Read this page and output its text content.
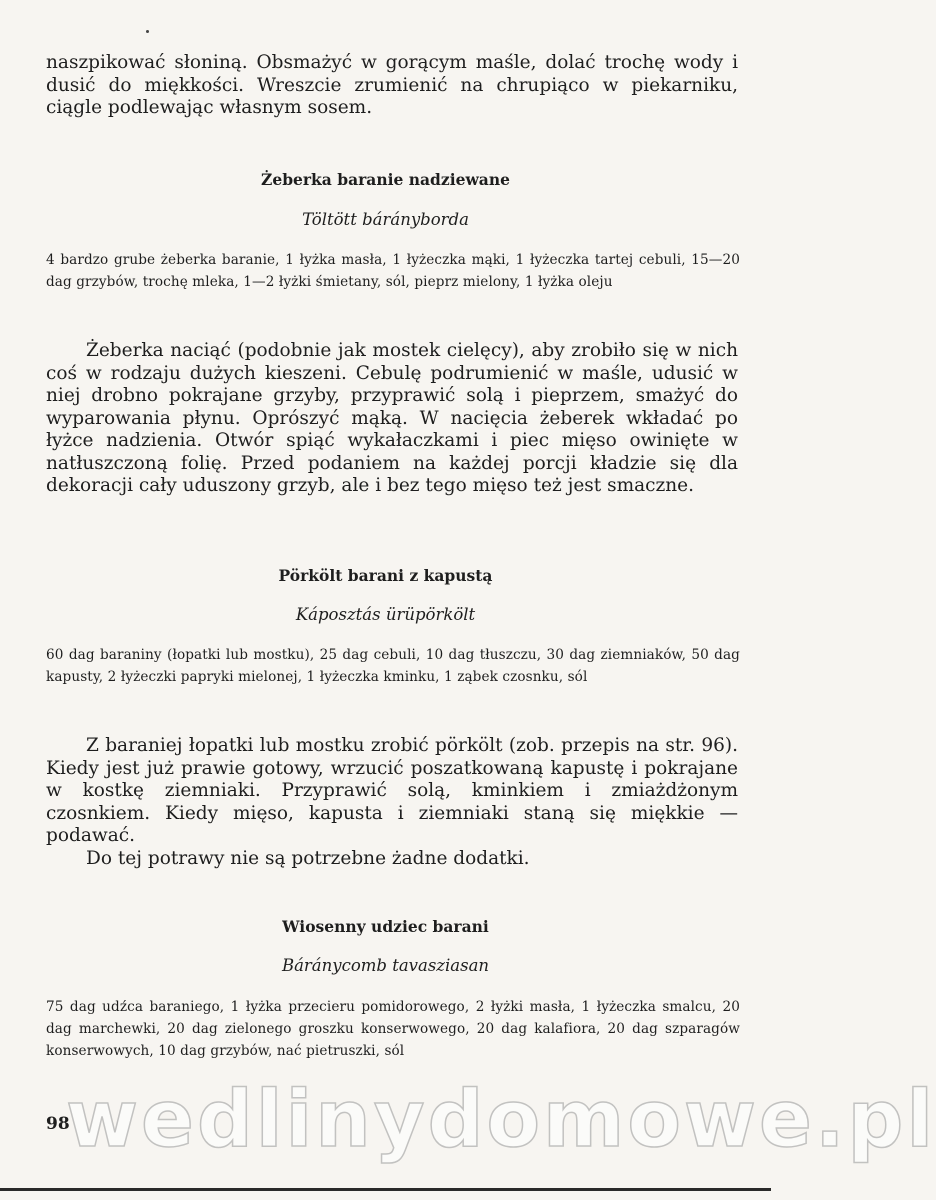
naszpikować słoniną. Obsmażyć w gorącym maśle, dolać trochę wody i dusić do miękkości. Wreszcie zrumienić na chrupiąco w piekarniku, ciągle podlewając własnym sosem.

Żeberka baranie nadziewane

Töltött bárányborda

4 bardzo grube żeberka baranie, 1 łyżka masła, 1 łyżeczka mąki, 1 łyżeczka tartej cebuli, 15—20 dag grzybów, trochę mleka, 1—2 łyżki śmietany, sól, pieprz mielony, 1 łyżka oleju

Żeberka naciąć (podobnie jak mostek cielęcy), aby zrobiło się w nich coś w rodzaju dużych kieszeni. Cebulę podrumienić w maśle, udusić w niej drobno pokrajane grzyby, przyprawić solą i pieprzem, smażyć do wyparowania płynu. Oprószyć mąką. W nacięcia żeberek wkładać po łyżce nadzienia. Otwór spiąć wykałaczkami i piec mięso owinięte w natłuszczoną folię. Przed podaniem na każdej porcji kładzie się dla dekoracji cały uduszony grzyb, ale i bez tego mięso też jest smaczne.

Pörkölt barani z kapustą

Káposztás ürüpörkölt

60 dag baraniny (łopatki lub mostku), 25 dag cebuli, 10 dag tłuszczu, 30 dag ziemniaków, 50 dag kapusty, 2 łyżeczki papryki mielonej, 1 łyżeczka kminku, 1 ząbek czosnku, sól

Z baraniej łopatki lub mostku zrobić pörkölt (zob. przepis na str. 96). Kiedy jest już prawie gotowy, wrzucić poszatkowaną kapustę i pokrajane w kostkę ziemniaki. Przyprawić solą, kminkiem i zmiażdżonym czosnkiem. Kiedy mięso, kapusta i ziemniaki staną się miękkie — podawać.

Do tej potrawy nie są potrzebne żadne dodatki.

Wiosenny udziec barani

Báránycomb tavasziasan

75 dag udźca baraniego, 1 łyżka przecieru pomidorowego, 2 łyżki masła, 1 łyżeczka smalcu, 20 dag marchewki, 20 dag zielonego groszku konserwowego, 20 dag kalafiora, 20 dag szparagów konserwowych, 10 dag grzybów, nać pietruszki, sól

wedlinydomowe.pl

98
